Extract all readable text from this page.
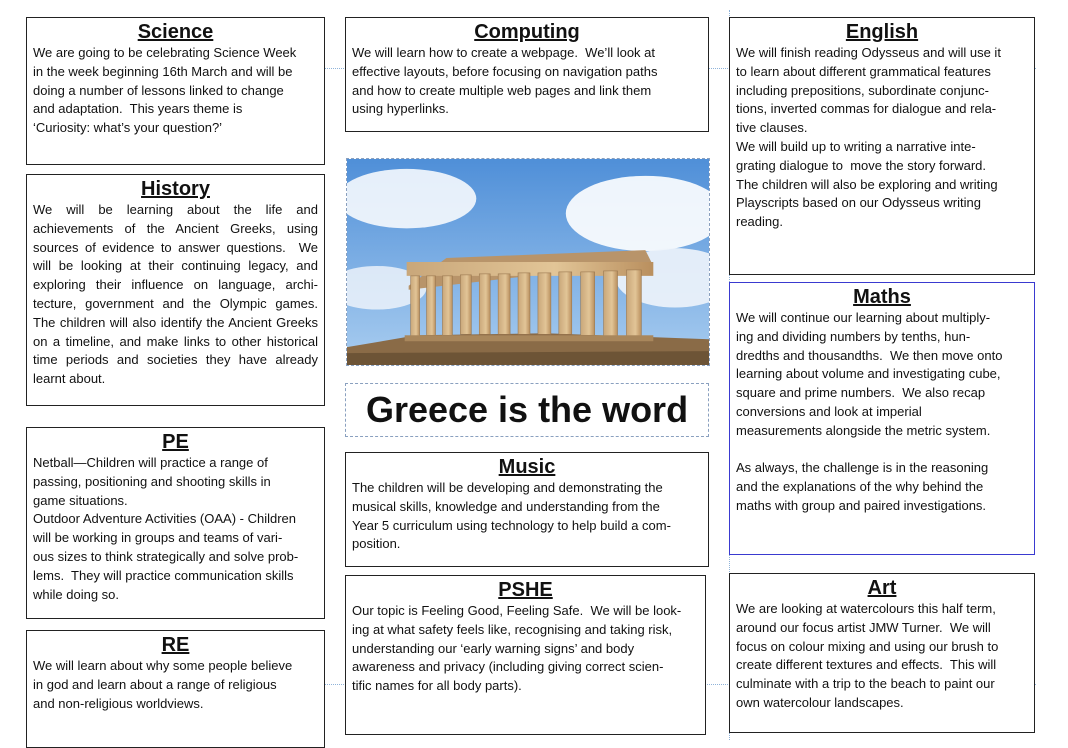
Science

We are going to be celebrating Science Week
in the week beginning 16th March and will be
doing a number of lessons linked to change
and adaptation.  This years theme is
‘Curiosity: what’s your question?’

History

We will be learning about the life and achievements of the Ancient Greeks, using sources of evidence to answer questions.  We will be looking at their continuing legacy, and exploring their influence on language, archi-tecture, government and the Olympic games. The children will also identify the Ancient Greeks on a timeline, and make links to other historical time periods and societies they have already learnt about.

PE

Netball—Children will practice a range of
passing, positioning and shooting skills in
game situations.
Outdoor Adventure Activities (OAA) - Children
will be working in groups and teams of vari-
ous sizes to think strategically and solve prob-
lems.  They will practice communication skills
while doing so.

RE

We will learn about why some people believe
in god and learn about a range of religious
and non-religious worldviews.

Computing

We will learn how to create a webpage.  We’ll look at
effective layouts, before focusing on navigation paths
and how to create multiple web pages and link them
using hyperlinks.

Greece is the word
Music

The children will be developing and demonstrating the
musical skills, knowledge and understanding from the
Year 5 curriculum using technology to help build a com-
position.

PSHE

Our topic is Feeling Good, Feeling Safe.  We will be look-
ing at what safety feels like, recognising and taking risk,
understanding our ‘early warning signs’ and body
awareness and privacy (including giving correct scien-
tific names for all body parts).

English

We will finish reading Odysseus and will use it
to learn about different grammatical features
including prepositions, subordinate conjunc-
tions, inverted commas for dialogue and rela-
tive clauses.
We will build up to writing a narrative inte-
grating dialogue to  move the story forward.
The children will also be exploring and writing
Playscripts based on our Odysseus writing
reading.

Maths

We will continue our learning about multiply-
ing and dividing numbers by tenths, hun-
dredths and thousandths.  We then move onto
learning about volume and investigating cube,
square and prime numbers.  We also recap
conversions and look at imperial
measurements alongside the metric system.

As always, the challenge is in the reasoning
and the explanations of the why behind the
maths with group and paired investigations.

Art

We are looking at watercolours this half term,
around our focus artist JMW Turner.  We will
focus on colour mixing and using our brush to
create different textures and effects.  This will
culminate with a trip to the beach to paint our
own watercolour landscapes.
